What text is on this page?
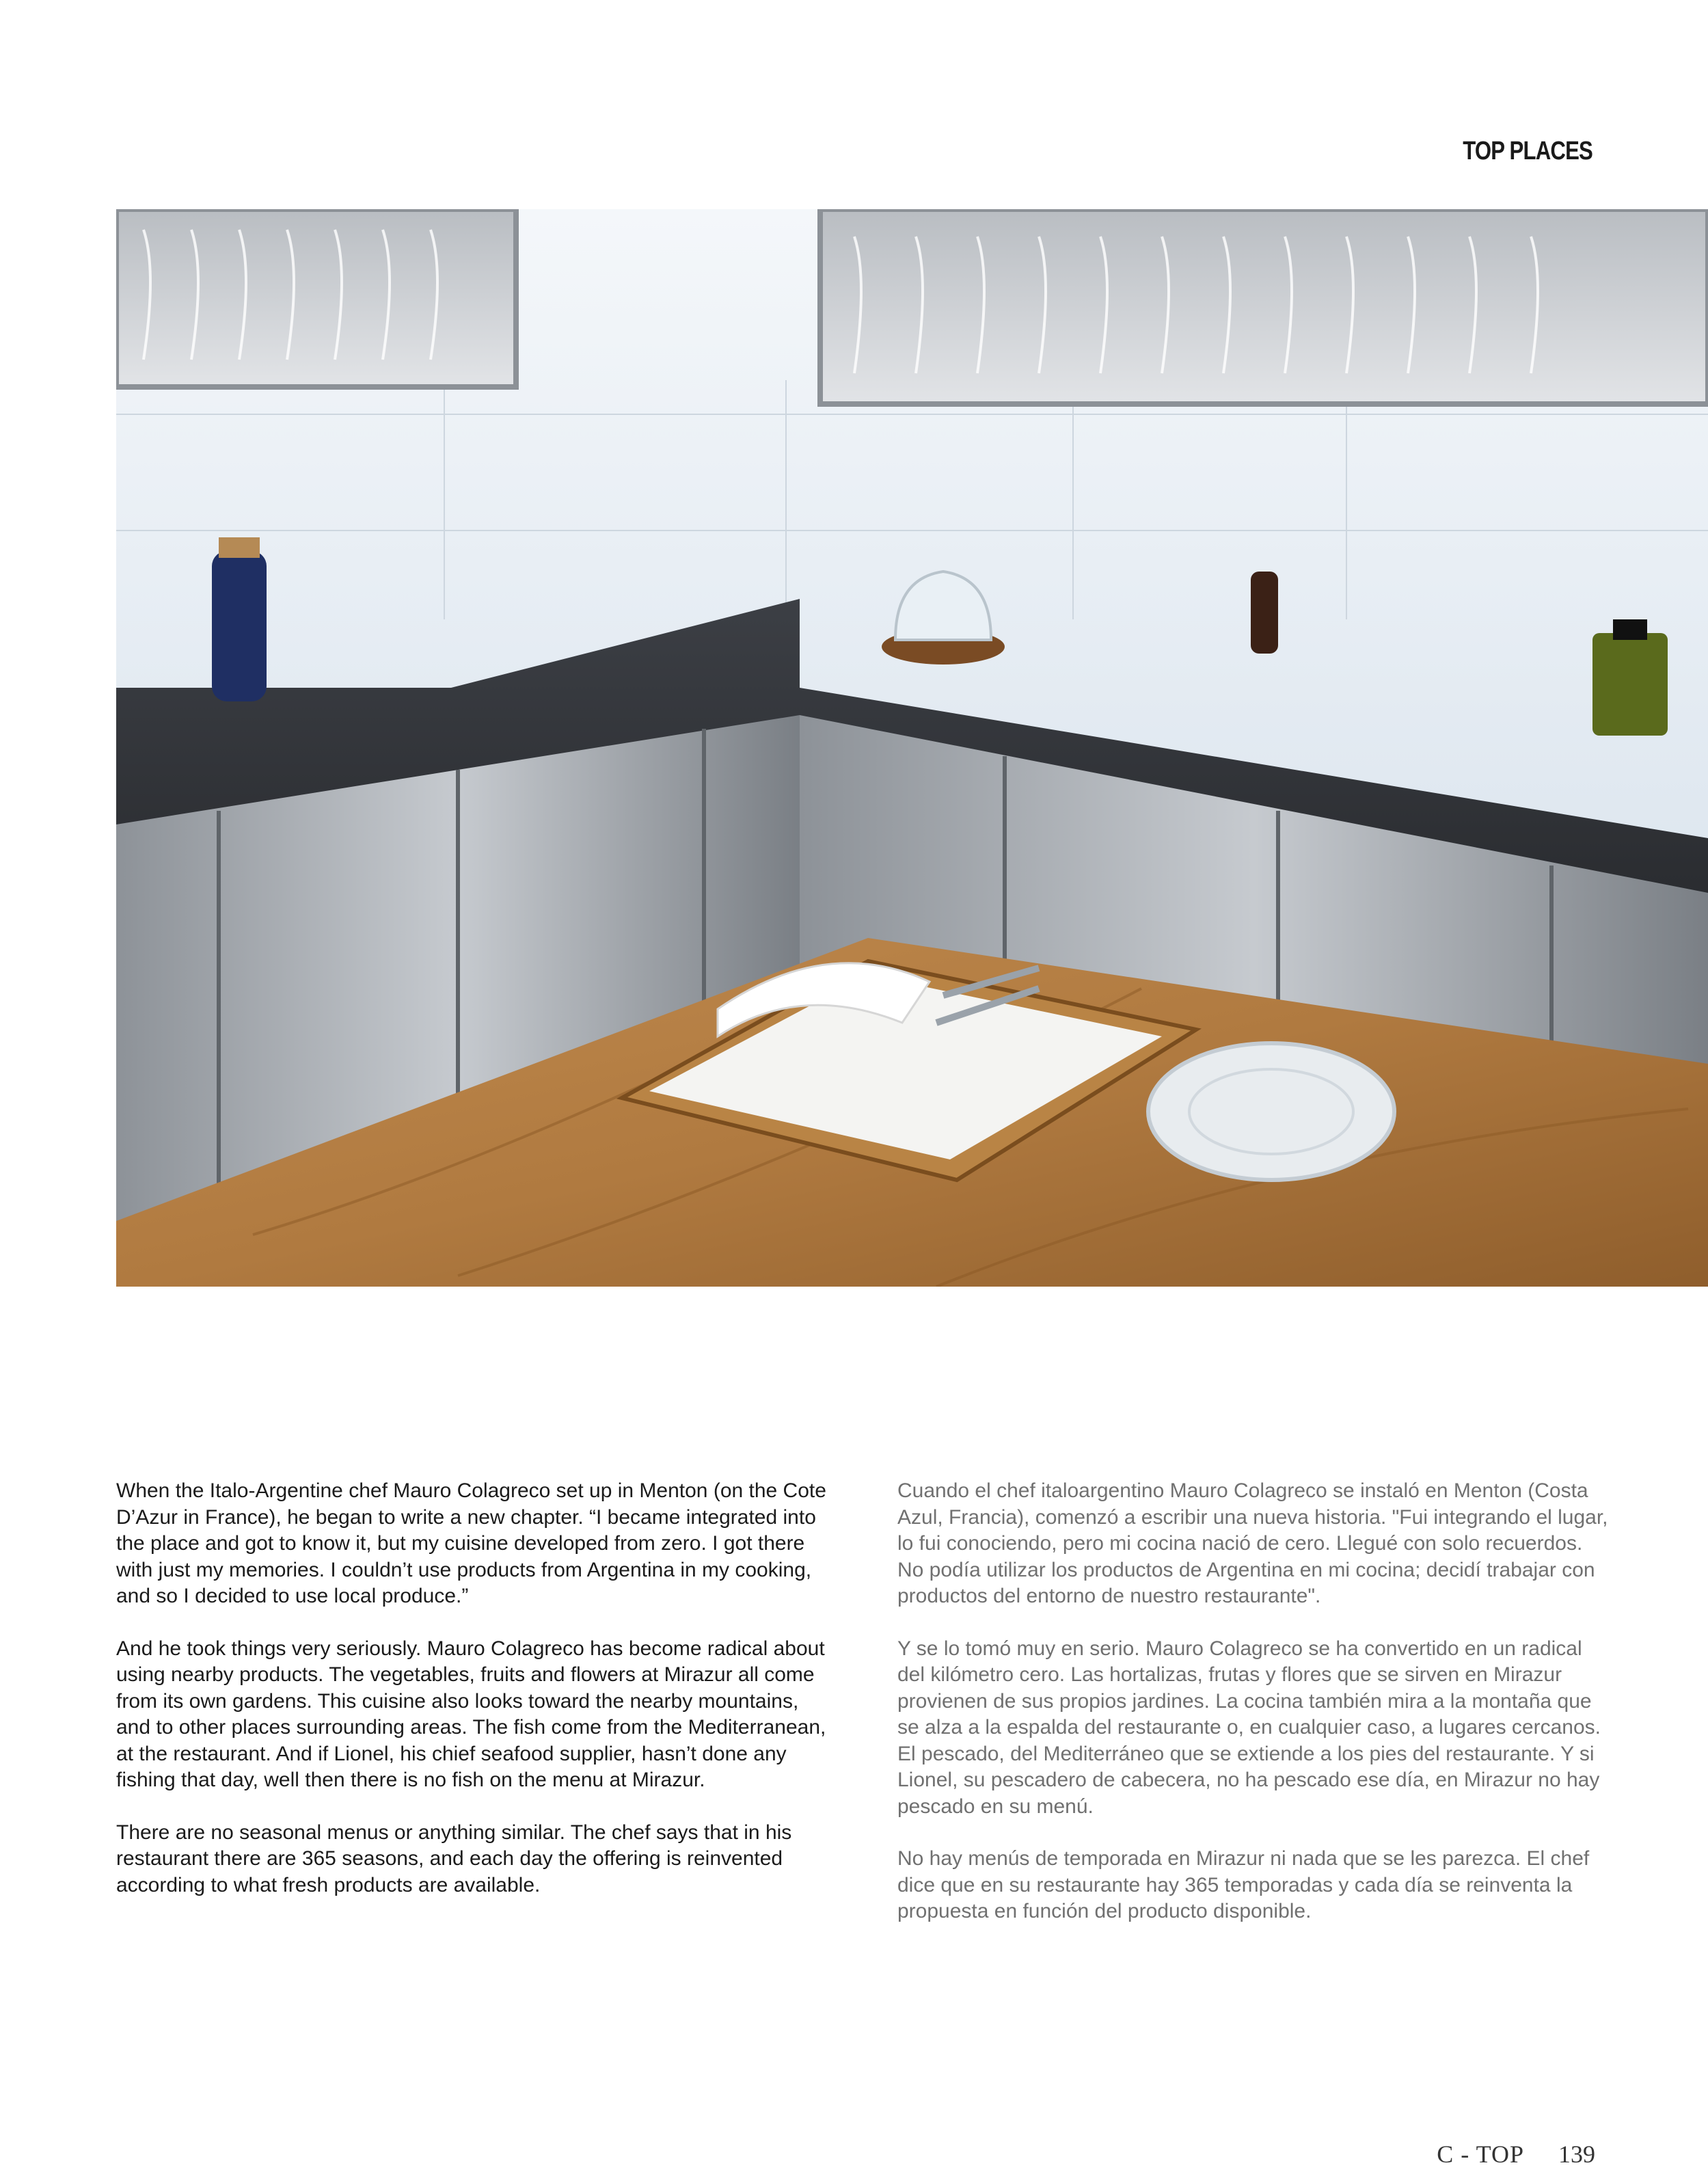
TOP PLACES

When the Italo-Argentine chef Mauro Colagreco set up in Menton (on the Cote D’Azur in France), he began to write a new chapter. “I became integrated into the place and got to know it, but my cuisine developed from zero. I got there with just my memories. I couldn’t use products from Argentina in my cooking, and so I decided to use local produce.”

And he took things very seriously. Mauro Colagreco has become radical about using nearby products. The vegetables, fruits and flowers at Mirazur all come from its own gardens. This cuisine also looks toward the nearby mountains, and to other places surrounding areas. The fish come from the Mediterranean, at the restaurant. And if Lionel, his chief seafood supplier, hasn’t done any fishing that day, well then there is no fish on the menu at Mirazur.

There are no seasonal menus or anything similar. The chef says that in his restaurant there are 365 seasons, and each day the offering is reinvented according to what fresh products are available.

Cuando el chef italoargentino Mauro Colagreco se instaló en Menton (Costa Azul, Francia), comenzó a escribir una nueva historia. "Fui integrando el lugar, lo fui conociendo, pero mi cocina nació de cero. Llegué con solo recuerdos. No podía utilizar los productos de Argentina en mi cocina; decidí trabajar con productos del entorno de nuestro restaurante".

Y se lo tomó muy en serio. Mauro Colagreco se ha convertido en un radical del kilómetro cero. Las hortalizas, frutas y flores que se sirven en Mirazur provienen de sus propios jardines. La cocina también mira a la montaña que se alza a la espalda del restaurante o, en cualquier caso, a lugares cercanos. El pescado, del Mediterráneo que se extiende a los pies del restaurante. Y si Lionel, su pescadero de cabecera, no ha pescado ese día, en Mirazur no hay pescado en su menú.

No hay menús de temporada en Mirazur ni nada que se les parezca. El chef dice que en su restaurante hay 365 temporadas y cada día se reinventa la propuesta en función del producto disponible.

C - TOP 139
